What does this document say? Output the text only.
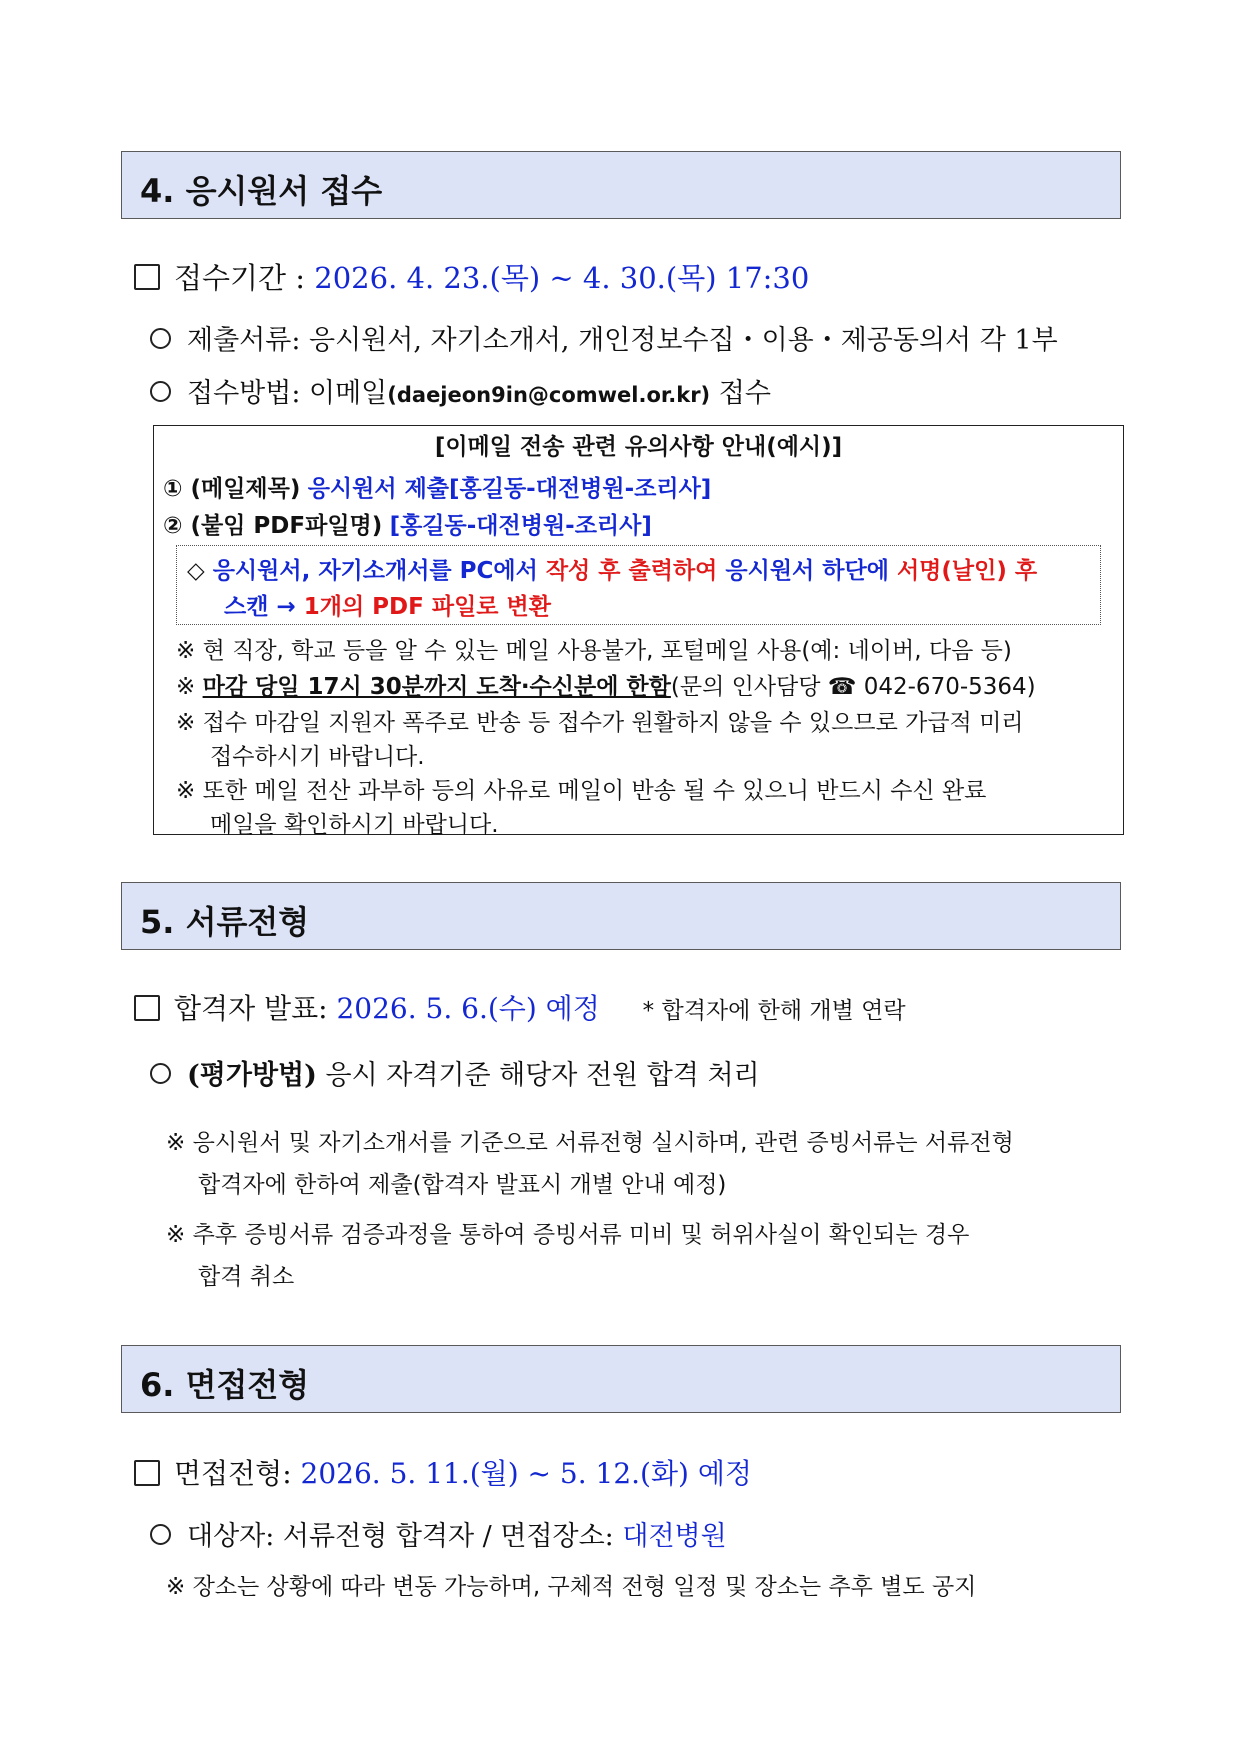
4. 응시원서 접수
접수기간 : 2026. 4. 23.(목) ~ 4. 30.(목) 17:30
제출서류: 응시원서, 자기소개서, 개인정보수집・이용・제공동의서 각 1부
접수방법: 이메일(daejeon9in@comwel.or.kr) 접수
[이메일 전송 관련 유의사항 안내(예시)]
① (메일제목) 응시원서 제출[홍길동-대전병원-조리사]
② (붙임 PDF파일명) [홍길동-대전병원-조리사]
◇ 응시원서, 자기소개서를 PC에서 작성 후 출력하여 응시원서 하단에 서명(날인) 후
스캔 → 1개의 PDF 파일로 변환
※ 현 직장, 학교 등을 알 수 있는 메일 사용불가, 포털메일 사용(예: 네이버, 다음 등)
※ 마감 당일 17시 30분까지 도착·수신분에 한함(문의 인사담당 ☎ 042-670-5364)
※ 접수 마감일 지원자 폭주로 반송 등 접수가 원활하지 않을 수 있으므로 가급적 미리
접수하시기 바랍니다.
※ 또한 메일 전산 과부하 등의 사유로 메일이 반송 될 수 있으니 반드시 수신 완료
메일을 확인하시기 바랍니다.
5. 서류전형
합격자 발표: 2026. 5. 6.(수) 예정 * 합격자에 한해 개별 연락
(평가방법) 응시 자격기준 해당자 전원 합격 처리
※ 응시원서 및 자기소개서를 기준으로 서류전형 실시하며, 관련 증빙서류는 서류전형
합격자에 한하여 제출(합격자 발표시 개별 안내 예정)
※ 추후 증빙서류 검증과정을 통하여 증빙서류 미비 및 허위사실이 확인되는 경우
합격 취소
6. 면접전형
면접전형: 2026. 5. 11.(월) ~ 5. 12.(화) 예정
대상자: 서류전형 합격자 / 면접장소: 대전병원
※ 장소는 상황에 따라 변동 가능하며, 구체적 전형 일정 및 장소는 추후 별도 공지
